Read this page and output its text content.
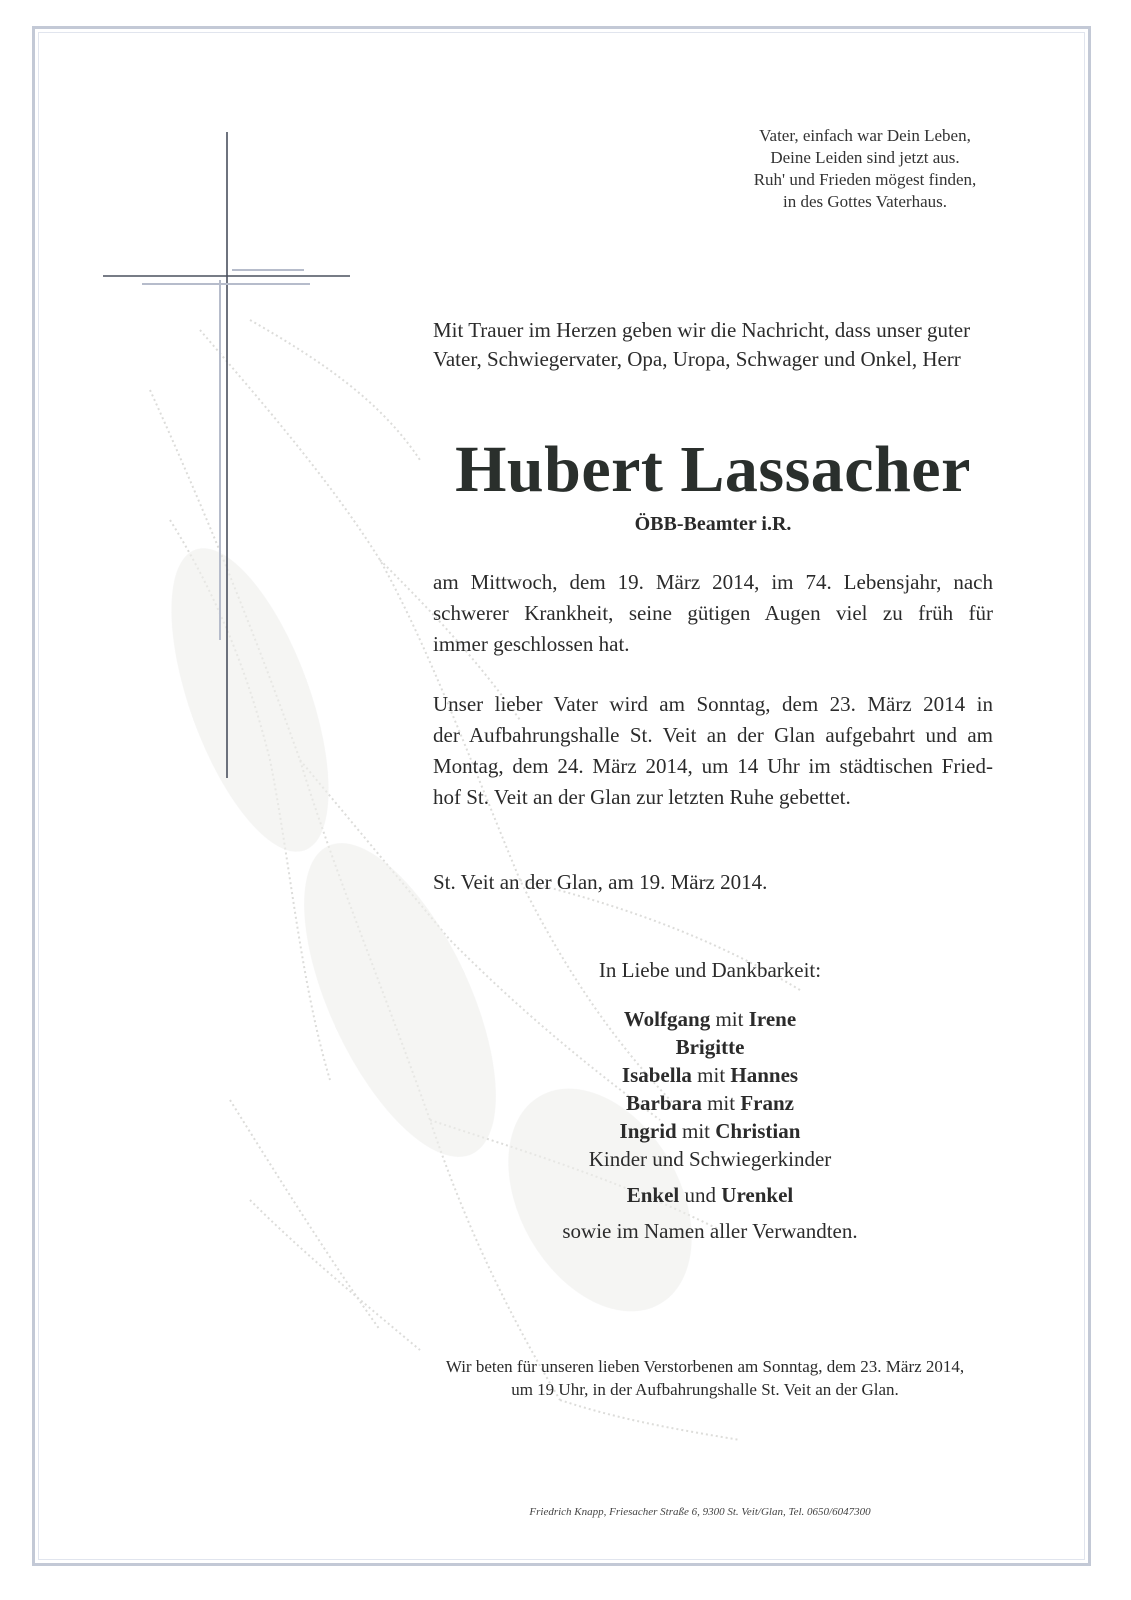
Vater, einfach war Dein Leben,
Deine Leiden sind jetzt aus.
Ruh' und Frieden mögest finden,
in des Gottes Vaterhaus.
Mit Trauer im Herzen geben wir die Nachricht, dass unser guter
Vater, Schwiegervater, Opa, Uropa, Schwager und Onkel, Herr
Hubert Lassacher
ÖBB-Beamter i.R.
am Mittwoch, dem 19. März 2014, im 74. Lebensjahr, nach
schwerer Krankheit, seine gütigen Augen viel zu früh für
immer geschlossen hat.
Unser lieber Vater wird am Sonntag, dem 23. März 2014 in
der Aufbahrungshalle St. Veit an der Glan aufgebahrt und am
Montag, dem 24. März 2014, um 14 Uhr im städtischen Fried-
hof St. Veit an der Glan zur letzten Ruhe gebettet.
St. Veit an der Glan, am 19. März 2014.
In Liebe und Dankbarkeit:
Wolfgang mit Irene
Brigitte
Isabella mit Hannes
Barbara mit Franz
Ingrid mit Christian
Kinder und Schwiegerkinder
Enkel und Urenkel
sowie im Namen aller Verwandten.
Wir beten für unseren lieben Verstorbenen am Sonntag, dem 23. März 2014,
um 19 Uhr, in der Aufbahrungshalle St. Veit an der Glan.
Friedrich Knapp, Friesacher Straße 6, 9300 St. Veit/Glan, Tel. 0650/6047300
